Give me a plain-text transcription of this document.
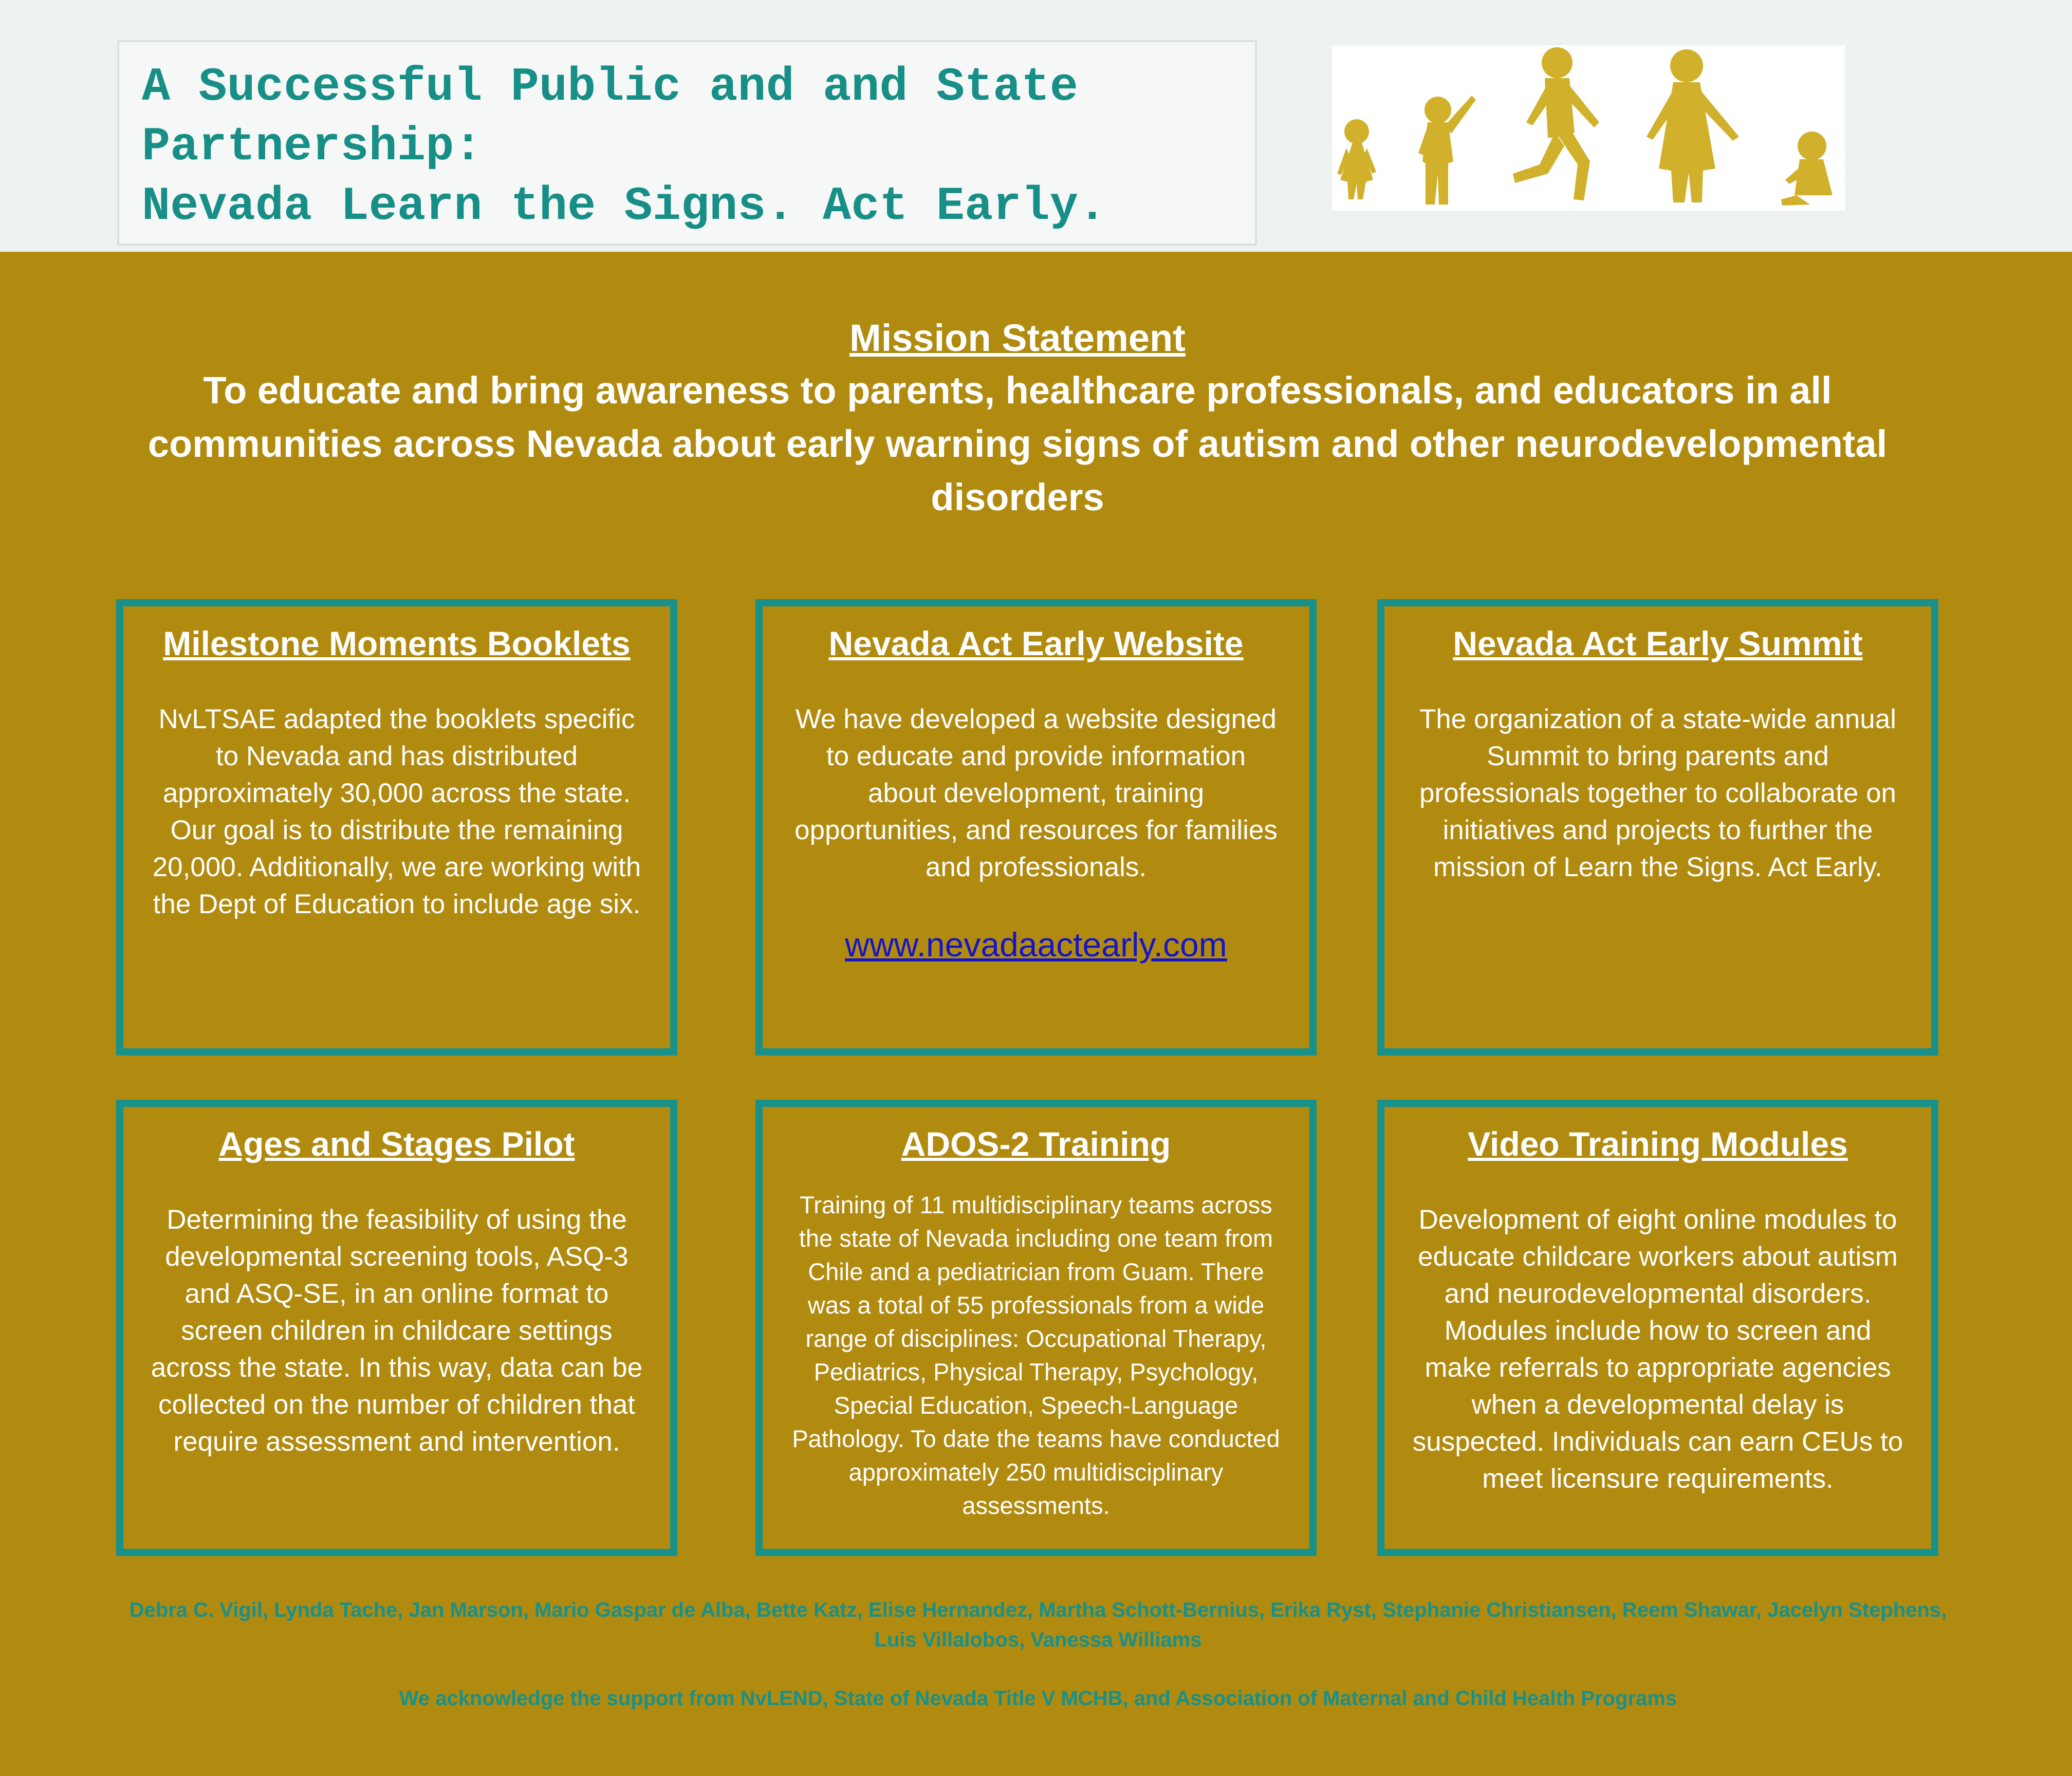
A Successful Public and and State
Partnership:
Nevada Learn the Signs. Act Early.
Mission Statement
To educate and bring awareness to parents, healthcare professionals, and educators in all communities across Nevada about early warning signs of autism and other neurodevelopmental disorders
Milestone Moments Booklets
NvLTSAE adapted the booklets specific to Nevada and has distributed approximately 30,000 across the state. Our goal is to distribute the remaining 20,000. Additionally, we are working with the Dept of Education to include age six.
Nevada Act Early Website
We have developed a website designed to educate and provide information about development, training opportunities, and resources for families and professionals.
www.nevadaactearly.com
Nevada Act Early Summit
The organization of a state-wide annual Summit to bring parents and professionals together to collaborate on initiatives and projects to further the mission of Learn the Signs. Act Early.
Ages and Stages Pilot
Determining the feasibility of using the developmental screening tools, ASQ-3 and ASQ-SE, in an online format to screen children in childcare settings across the state. In this way, data can be collected on the number of children that require assessment and intervention.
ADOS-2 Training
Training of 11 multidisciplinary teams across the state of Nevada including one team from Chile and a pediatrician from Guam. There was a total of 55 professionals from a wide range of disciplines: Occupational Therapy, Pediatrics, Physical Therapy, Psychology, Special Education, Speech-Language Pathology. To date the teams have conducted approximately 250 multidisciplinary assessments.
Video Training Modules
Development of eight online modules to educate childcare workers about autism and neurodevelopmental disorders. Modules include how to screen and make referrals to appropriate agencies when a developmental delay is suspected. Individuals can earn CEUs to meet licensure requirements.
Debra C. Vigil, Lynda Tache, Jan Marson, Mario Gaspar de Alba, Bette Katz, Elise Hernandez, Martha Schott-Bernius, Erika Ryst, Stephanie Christiansen, Reem Shawar, Jacelyn Stephens, Luis Villalobos, Vanessa Williams
We acknowledge the support from NvLEND, State of Nevada Title V MCHB, and Association of Maternal and Child Health Programs
